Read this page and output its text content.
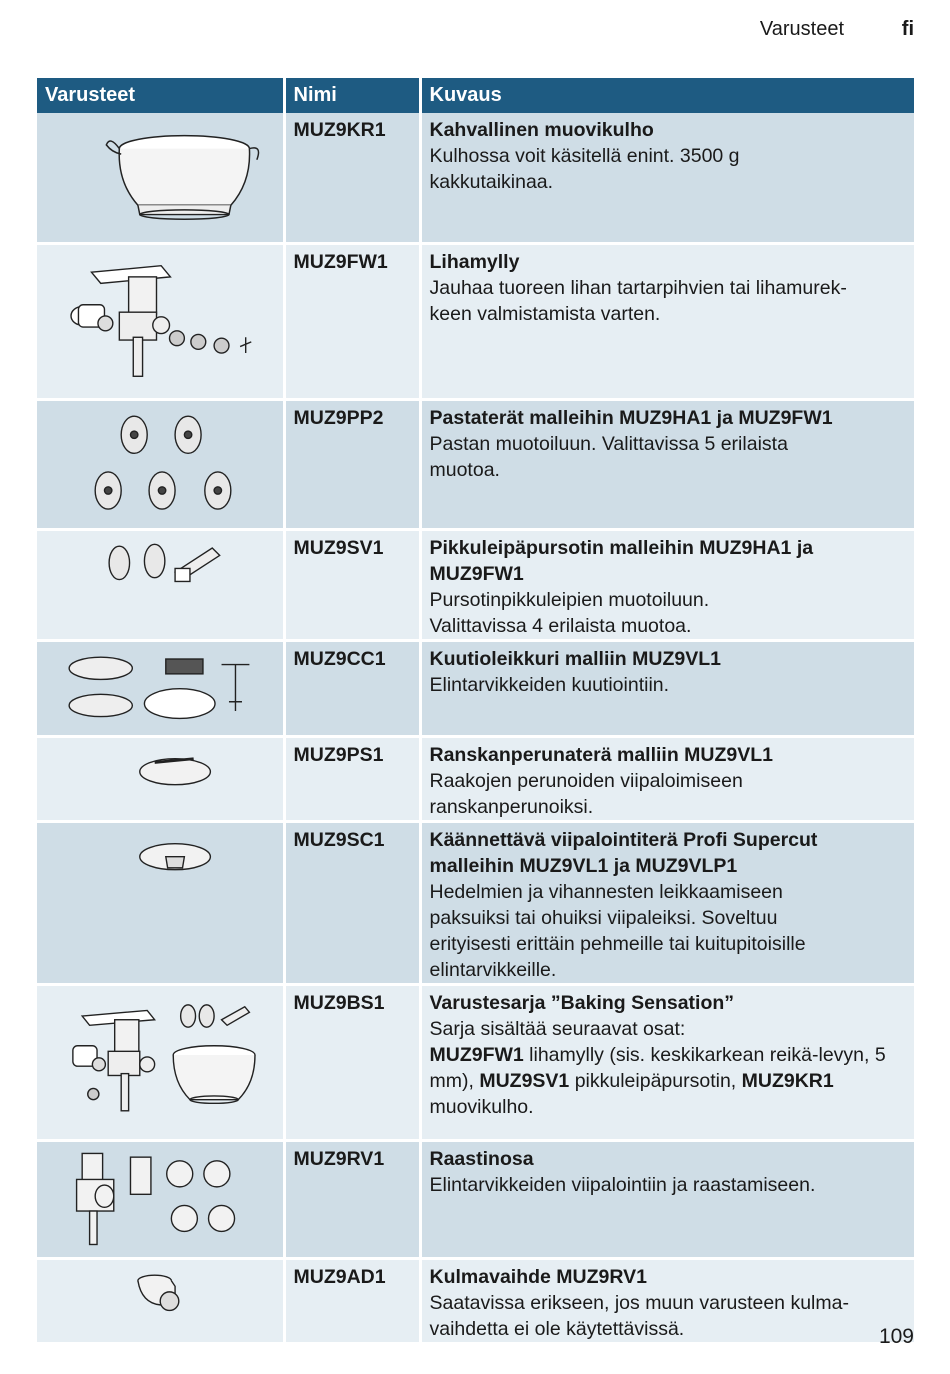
Varusteet	fi
Varusteet	Nimi	Kuvaus

	MUZ9KR1	Kahvallinen muovikulho
Kulhossa voit käsitellä enint. 3500 g
kakkutaikinaa.

	MUZ9FW1	Lihamylly
Jauhaa tuoreen lihan tartarpihvien tai lihamurek-
keen valmistamista varten.

	MUZ9PP2	Pastaterät malleihin MUZ9HA1 ja MUZ9FW1
Pastan muotoiluun. Valittavissa 5 erilaista
muotoa.

	MUZ9SV1	Pikkuleipäpursotin malleihin MUZ9HA1 ja MUZ9FW1
Pursotinpikkuleipien muotoiluun.
Valittavissa 4 erilaista muotoa.

	MUZ9CC1	Kuutioleikkuri malliin MUZ9VL1
Elintarvikkeiden kuutiointiin.

	MUZ9PS1	Ranskanperunaterä malliin MUZ9VL1
Raakojen perunoiden viipaloimiseen
ranskanperunoiksi.

	MUZ9SC1	Käännettävä viipalointiterä Profi Supercut malleihin MUZ9VL1 ja MUZ9VLP1
Hedelmien ja vihannesten leikkaamiseen
paksuiksi tai ohuiksi viipaleiksi. Soveltuu
erityisesti erittäin pehmeille tai kuitupitoisille
elintarvikkeille.

	MUZ9BS1	Varustesarja ”Baking Sensation”
Sarja sisältää seuraavat osat:
MUZ9FW1 lihamylly (sis. keskikarkean reikä-levyn, 5 mm), MUZ9SV1 pikkuleipäpursotin, MUZ9KR1 muovikulho.

	MUZ9RV1	Raastinosa
Elintarvikkeiden viipalointiin ja raastamiseen.

	MUZ9AD1	Kulmavaihde MUZ9RV1
Saatavissa erikseen, jos muun varusteen kulma-
vaihdetta ei ole käytettävissä.	109
